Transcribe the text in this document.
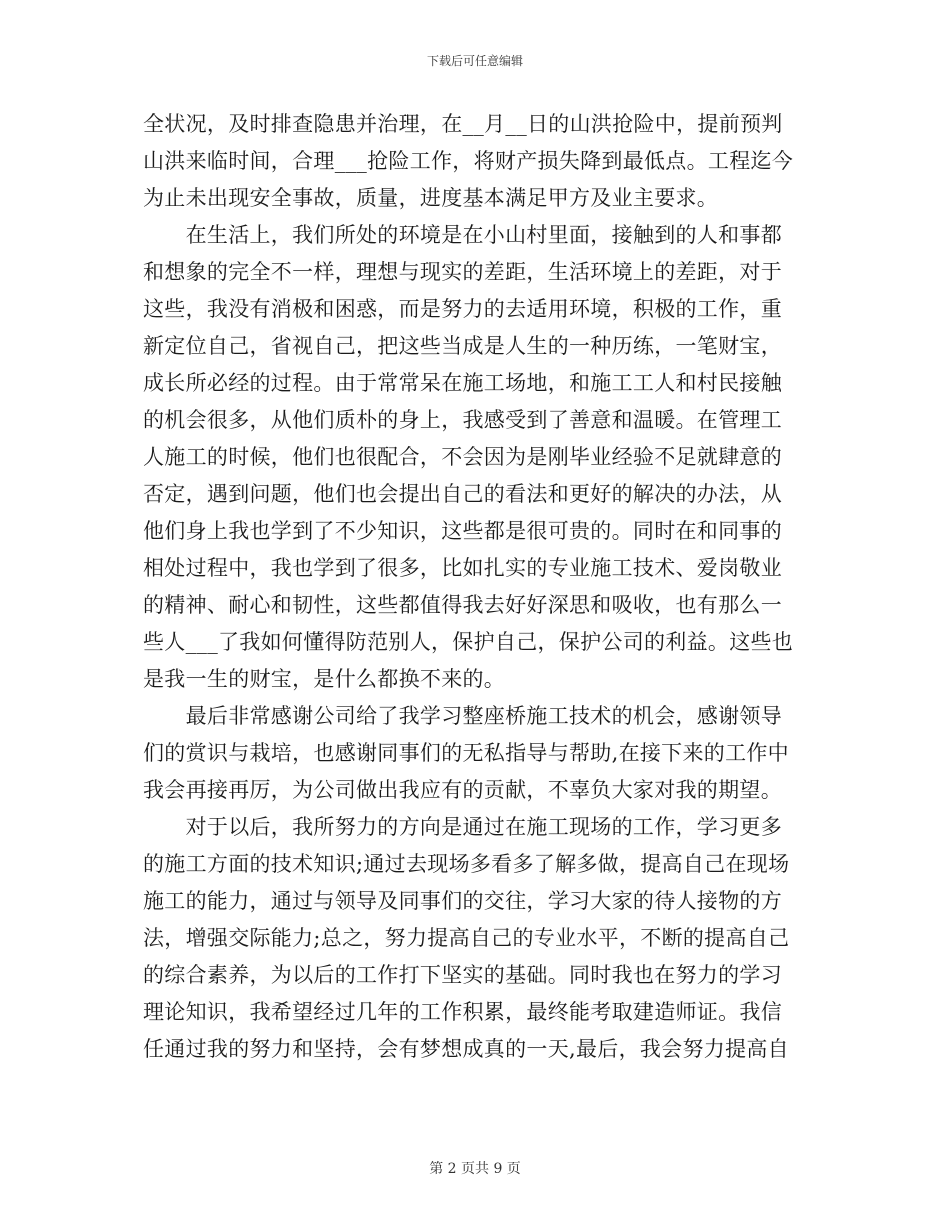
下载后可任意编辑
全状况，及时排查隐患并治理，在__月__日的山洪抢险中，提前预判
山洪来临时间，合理___抢险工作，将财产损失降到最低点。工程迄今
为止未出现安全事故，质量，进度基本满足甲方及业主要求。
　　在生活上，我们所处的环境是在小山村里面，接触到的人和事都
和想象的完全不一样，理想与现实的差距，生活环境上的差距，对于
这些，我没有消极和困惑，而是努力的去适用环境，积极的工作，重
新定位自己，省视自己，把这些当成是人生的一种历练，一笔财宝，
成长所必经的过程。由于常常呆在施工场地，和施工工人和村民接触
的机会很多，从他们质朴的身上，我感受到了善意和温暖。在管理工
人施工的时候，他们也很配合，不会因为是刚毕业经验不足就肆意的
否定，遇到问题，他们也会提出自己的看法和更好的解决的办法，从
他们身上我也学到了不少知识，这些都是很可贵的。同时在和同事的
相处过程中，我也学到了很多，比如扎实的专业施工技术、爱岗敬业
的精神、耐心和韧性，这些都值得我去好好深思和吸收，也有那么一
些人___了我如何懂得防范别人，保护自己，保护公司的利益。这些也
是我一生的财宝，是什么都换不来的。
　　最后非常感谢公司给了我学习整座桥施工技术的机会，感谢领导
们的赏识与栽培，也感谢同事们的无私指导与帮助,在接下来的工作中
我会再接再厉，为公司做出我应有的贡献，不辜负大家对我的期望。
　　对于以后，我所努力的方向是通过在施工现场的工作，学习更多
的施工方面的技术知识;通过去现场多看多了解多做，提高自己在现场
施工的能力，通过与领导及同事们的交往，学习大家的待人接物的方
法，增强交际能力;总之，努力提高自己的专业水平，不断的提高自己
的综合素养，为以后的工作打下坚实的基础。同时我也在努力的学习
理论知识，我希望经过几年的工作积累，最终能考取建造师证。我信
任通过我的努力和坚持，会有梦想成真的一天,最后，我会努力提高自
第 2 页共 9 页
